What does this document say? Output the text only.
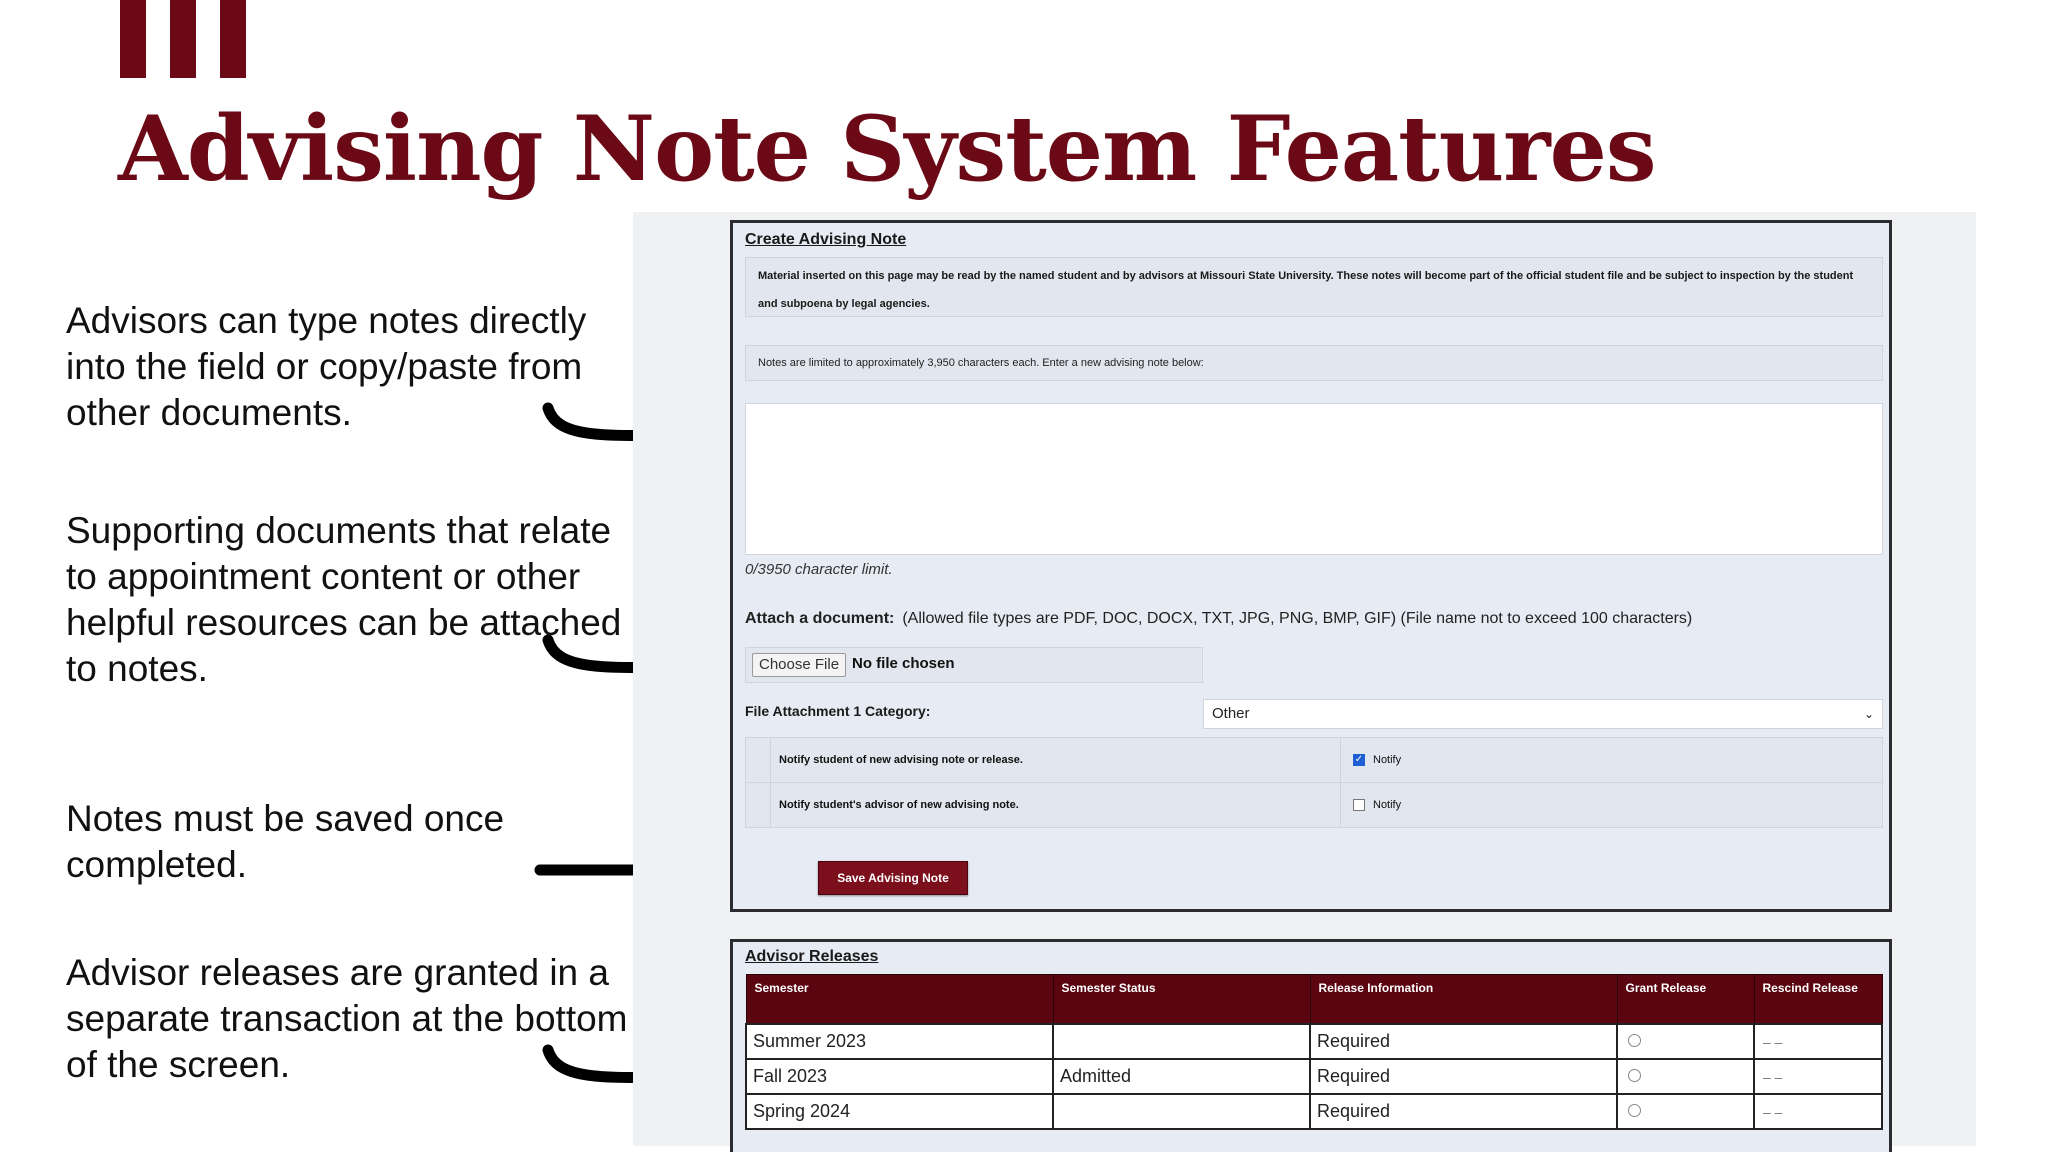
Advising Note System Features
Advisors can type notes directly into the field or copy/paste from other documents.
Supporting documents that relate to appointment content or other helpful resources can be attached to notes.
Notes must be saved once completed.
Advisor releases are granted in a separate transaction at the bottom of the screen.
Create Advising Note
Material inserted on this page may be read by the named student and by advisors at Missouri State University. These notes will become part of the official student file and be subject to inspection by the student and subpoena by legal agencies.
Notes are limited to approximately 3,950 characters each. Enter a new advising note below:
0/3950 character limit.
Attach a document: (Allowed file types are PDF, DOC, DOCX, TXT, JPG, PNG, BMP, GIF) (File name not to exceed 100 characters)
Choose File No file chosen
File Attachment 1 Category:	Other	⌄
	Notify student of new advising note or release.	✓ Notify
	Notify student's advisor of new advising note.	Notify
Save Advising Note
Advisor Releases
Semester	Semester Status	Release Information	Grant Release	Rescind Release
Summer 2023		Required		– –
Fall 2023	Admitted	Required		– –
Spring 2024		Required		– –
